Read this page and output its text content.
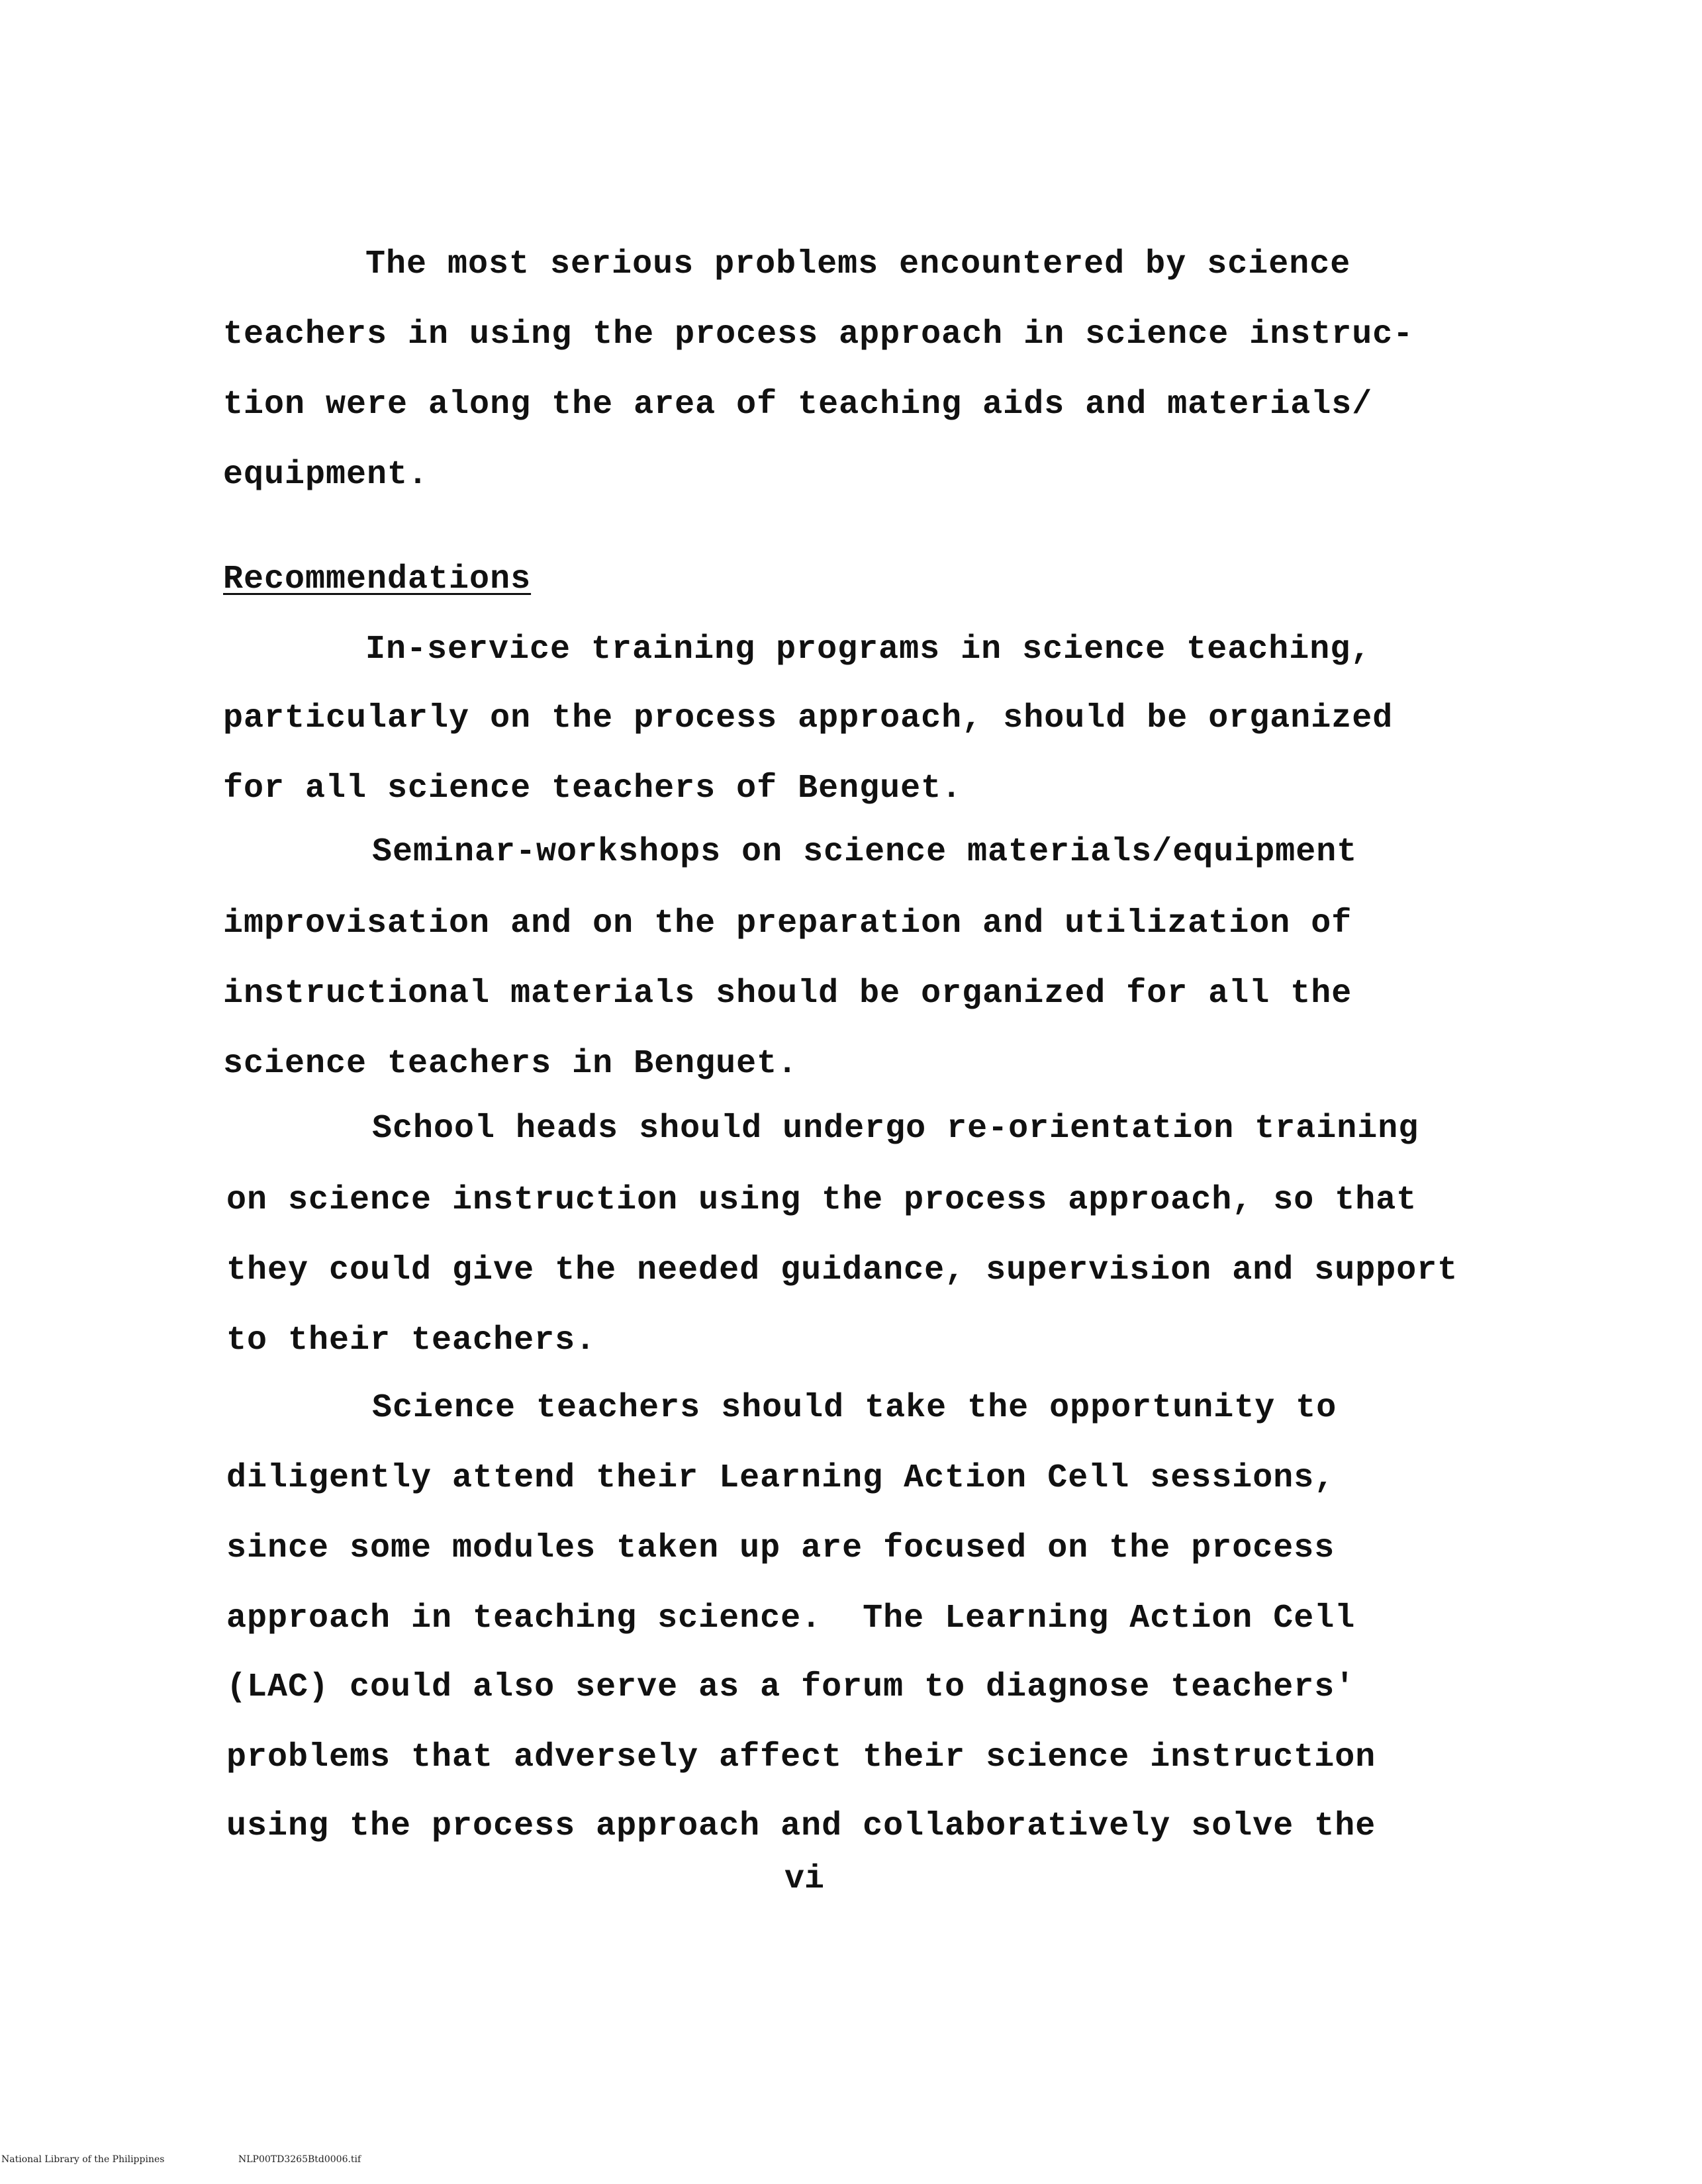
The most serious problems encountered by science
teachers in using the process approach in science instruc-
tion were along the area of teaching aids and materials/
equipment.
Recommendations
In-service training programs in science teaching,
particularly on the process approach, should be organized
for all science teachers of Benguet.
Seminar-workshops on science materials/equipment
improvisation and on the preparation and utilization of
instructional materials should be organized for all the
science teachers in Benguet.
School heads should undergo re-orientation training
on science instruction using the process approach, so that
they could give the needed guidance, supervision and support
to their teachers.
Science teachers should take the opportunity to
diligently attend their Learning Action Cell sessions,
since some modules taken up are focused on the process
approach in teaching science.  The Learning Action Cell
(LAC) could also serve as a forum to diagnose teachers'
problems that adversely affect their science instruction
using the process approach and collaboratively solve the
vi
National Library of the Philippines	NLP00TD3265Btd0006.tif
